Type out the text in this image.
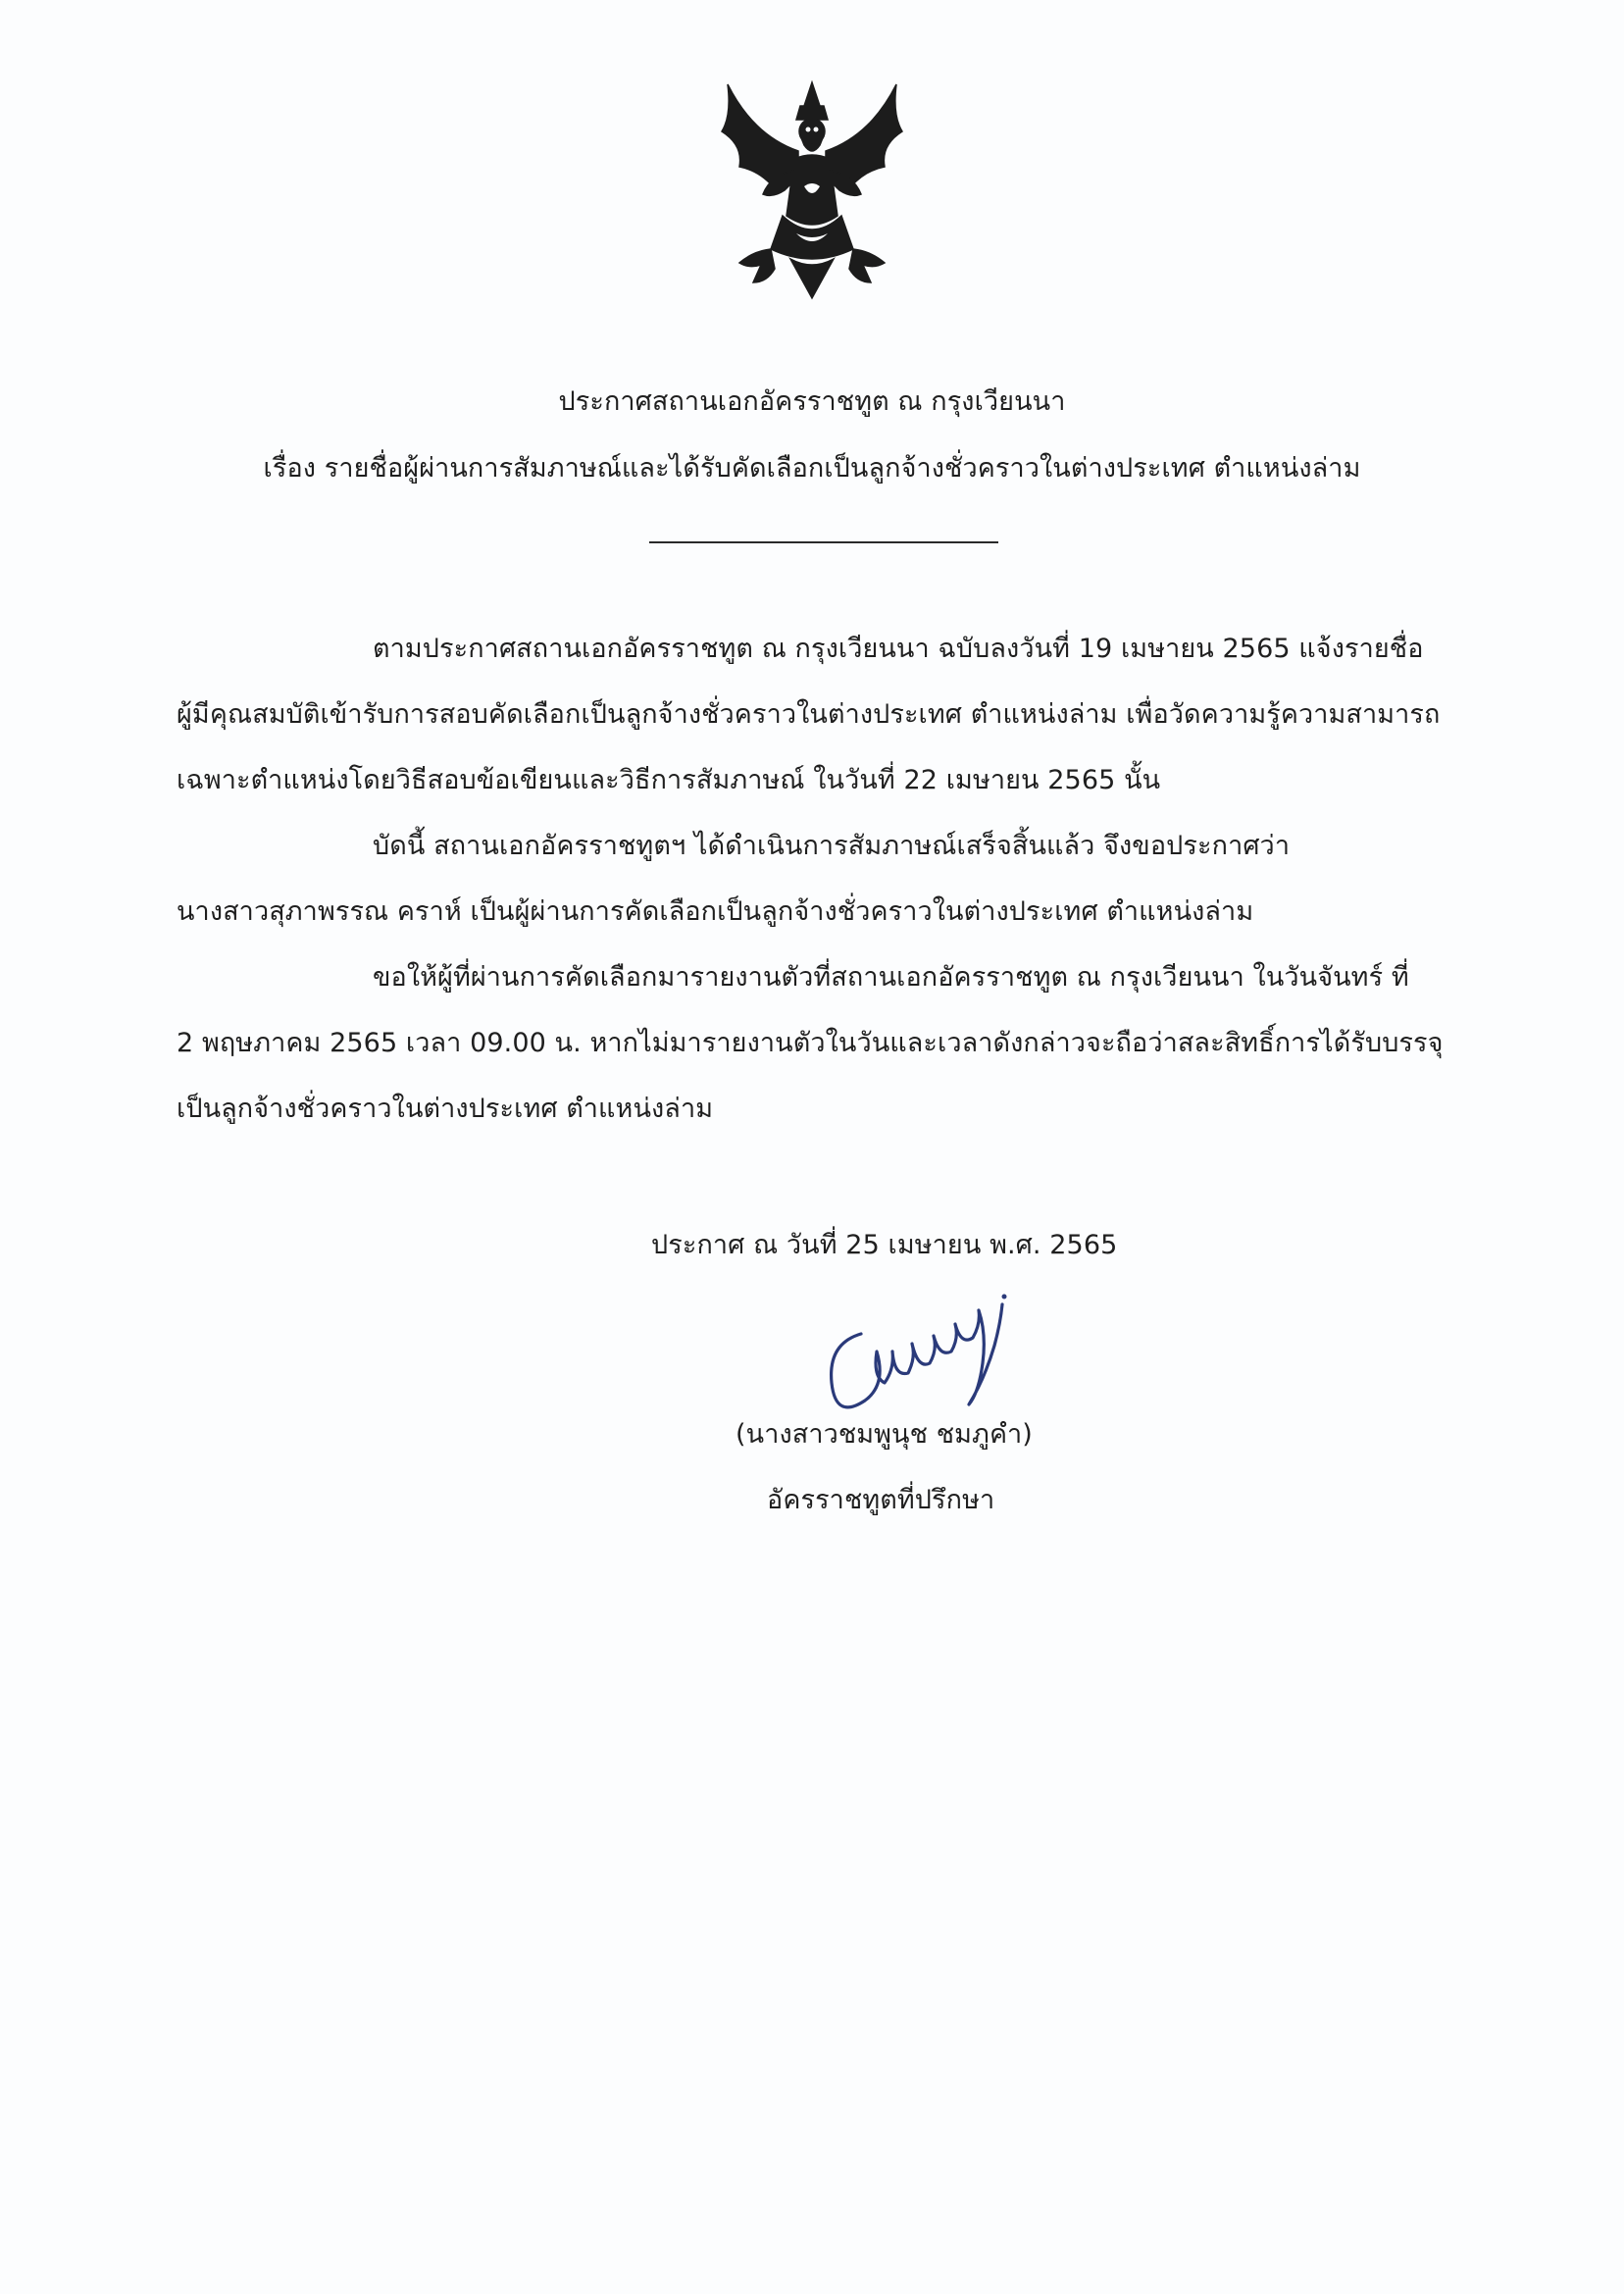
ประกาศสถานเอกอัครราชทูต ณ กรุงเวียนนา
เรื่อง รายชื่อผู้ผ่านการสัมภาษณ์และได้รับคัดเลือกเป็นลูกจ้างชั่วคราวในต่างประเทศ ตำแหน่งล่าม
ตามประกาศสถานเอกอัครราชทูต ณ กรุงเวียนนา ฉบับลงวันที่ 19 เมษายน 2565 แจ้งรายชื่อ
ผู้มีคุณสมบัติเข้ารับการสอบคัดเลือกเป็นลูกจ้างชั่วคราวในต่างประเทศ ตำแหน่งล่าม เพื่อวัดความรู้ความสามารถ
เฉพาะตำแหน่งโดยวิธีสอบข้อเขียนและวิธีการสัมภาษณ์ ในวันที่ 22 เมษายน 2565 นั้น
บัดนี้ สถานเอกอัครราชทูตฯ ได้ดำเนินการสัมภาษณ์เสร็จสิ้นแล้ว จึงขอประกาศว่า
นางสาวสุภาพรรณ คราห์ เป็นผู้ผ่านการคัดเลือกเป็นลูกจ้างชั่วคราวในต่างประเทศ ตำแหน่งล่าม
ขอให้ผู้ที่ผ่านการคัดเลือกมารายงานตัวที่สถานเอกอัครราชทูต ณ กรุงเวียนนา ในวันจันทร์ ที่
2 พฤษภาคม 2565 เวลา 09.00 น. หากไม่มารายงานตัวในวันและเวลาดังกล่าวจะถือว่าสละสิทธิ์การได้รับบรรจุ
เป็นลูกจ้างชั่วคราวในต่างประเทศ ตำแหน่งล่าม
ประกาศ ณ วันที่ 25 เมษายน พ.ศ. 2565
(นางสาวชมพูนุช ชมภูคำ)
อัครราชทูตที่ปรึกษา
